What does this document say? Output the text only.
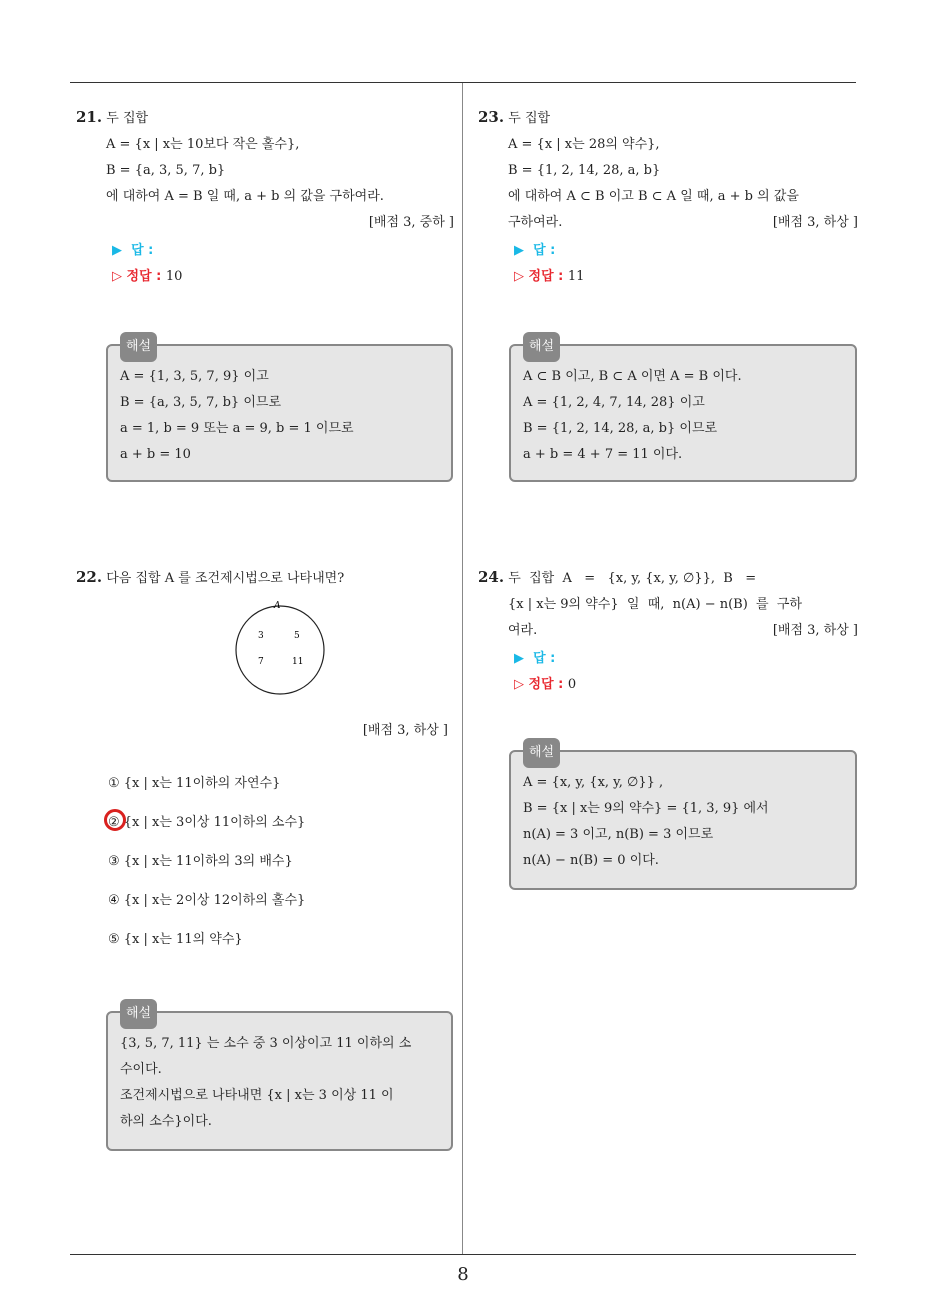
21. 두 집합
A = {x | x는 10보다 작은 홀수},
B = {a, 3, 5, 7, b}
에 대하여 A = B 일 때, a + b 의 값을 구하여라.
[배점 3, 중하 ]
▶ 답 :
▷ 정답 : 10
해설
A = {1, 3, 5, 7, 9} 이고
B = {a, 3, 5, 7, b} 이므로
a = 1, b = 9 또는 a = 9, b = 1 이므로
a + b = 10
22. 다음 집합 A 를 조건제시법으로 나타내면?
A
3	5
7	11
[배점 3, 하상 ]
① {x | x는 11이하의 자연수}
② {x | x는 3이상 11이하의 소수}
③ {x | x는 11이하의 3의 배수}
④ {x | x는 2이상 12이하의 홀수}
⑤ {x | x는 11의 약수}
해설
{3, 5, 7, 11} 는 소수 중 3 이상이고 11 이하의 소
수이다.
조건제시법으로 나타내면 {x | x는 3 이상 11 이
하의 소수}이다.
23. 두 집합
A = {x | x는 28의 약수},
B = {1, 2, 14, 28, a, b}
에 대하여 A ⊂ B 이고 B ⊂ A 일 때, a + b 의 값을
구하여라.	[배점 3, 하상 ]
▶ 답 :
▷ 정답 : 11
해설
A ⊂ B 이고, B ⊂ A 이면 A = B 이다.
A = {1, 2, 4, 7, 14, 28} 이고
B = {1, 2, 14, 28, a, b} 이므로
a + b = 4 + 7 = 11 이다.
24. 두  집합  A   =   {x, y, {x, y, ∅}},  B   =
{x | x는 9의 약수}  일  때,  n(A) − n(B)  를  구하
여라.	[배점 3, 하상 ]
▶ 답 :
▷ 정답 : 0
해설
A = {x, y, {x, y, ∅}} ,
B = {x | x는 9의 약수} = {1, 3, 9} 에서
n(A) = 3 이고, n(B) = 3 이므로
n(A) − n(B) = 0 이다.
8
